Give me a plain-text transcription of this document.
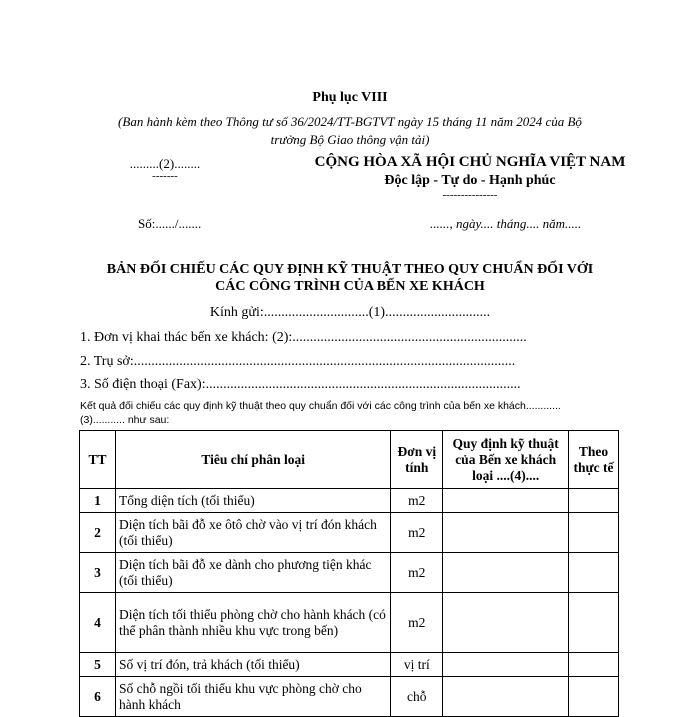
Phụ lục VIII
(Ban hành kèm theo Thông tư số 36/2024/TT-BGTVT ngày 15 tháng 11 năm 2024 của Bộ
trưởng Bộ Giao thông vận tải)
.........(2)........
-------
CỘNG HÒA XÃ HỘI CHỦ NGHĨA VIỆT NAM
Độc lập - Tự do - Hạnh phúc
---------------
Số:....../.......	......, ngày.... tháng.... năm.....
BẢN ĐỐI CHIẾU CÁC QUY ĐỊNH KỸ THUẬT THEO QUY CHUẨN ĐỐI VỚI
CÁC CÔNG TRÌNH CỦA BẾN XE KHÁCH
Kính gửi:..............................(1)..............................
1. Đơn vị khai thác bến xe khách: (2):...................................................................
2. Trụ sở:.............................................................................................................
3. Số điện thoại (Fax):..........................................................................................
Kết quả đối chiếu các quy định kỹ thuật theo quy chuẩn đối với các công trình của bến xe khách............
(3)........... như sau:
TT	Tiêu chí phân loại	Đơn vị tính	Quy định kỹ thuật của Bến xe khách loại ....(4)....	Theo thực tế
1	Tổng diện tích (tối thiểu)	m2		
2	Diện tích bãi đỗ xe ôtô chờ vào vị trí đón khách (tối thiểu)	m2		
3	Diện tích bãi đỗ xe dành cho phương tiện khác (tối thiểu)	m2		
4	Diện tích tối thiểu phòng chờ cho hành khách (có thể phân thành nhiều khu vực trong bến)	m2		
5	Số vị trí đón, trả khách (tối thiểu)	vị trí		
6	Số chỗ ngồi tối thiểu khu vực phòng chờ cho hành khách	chỗ		
